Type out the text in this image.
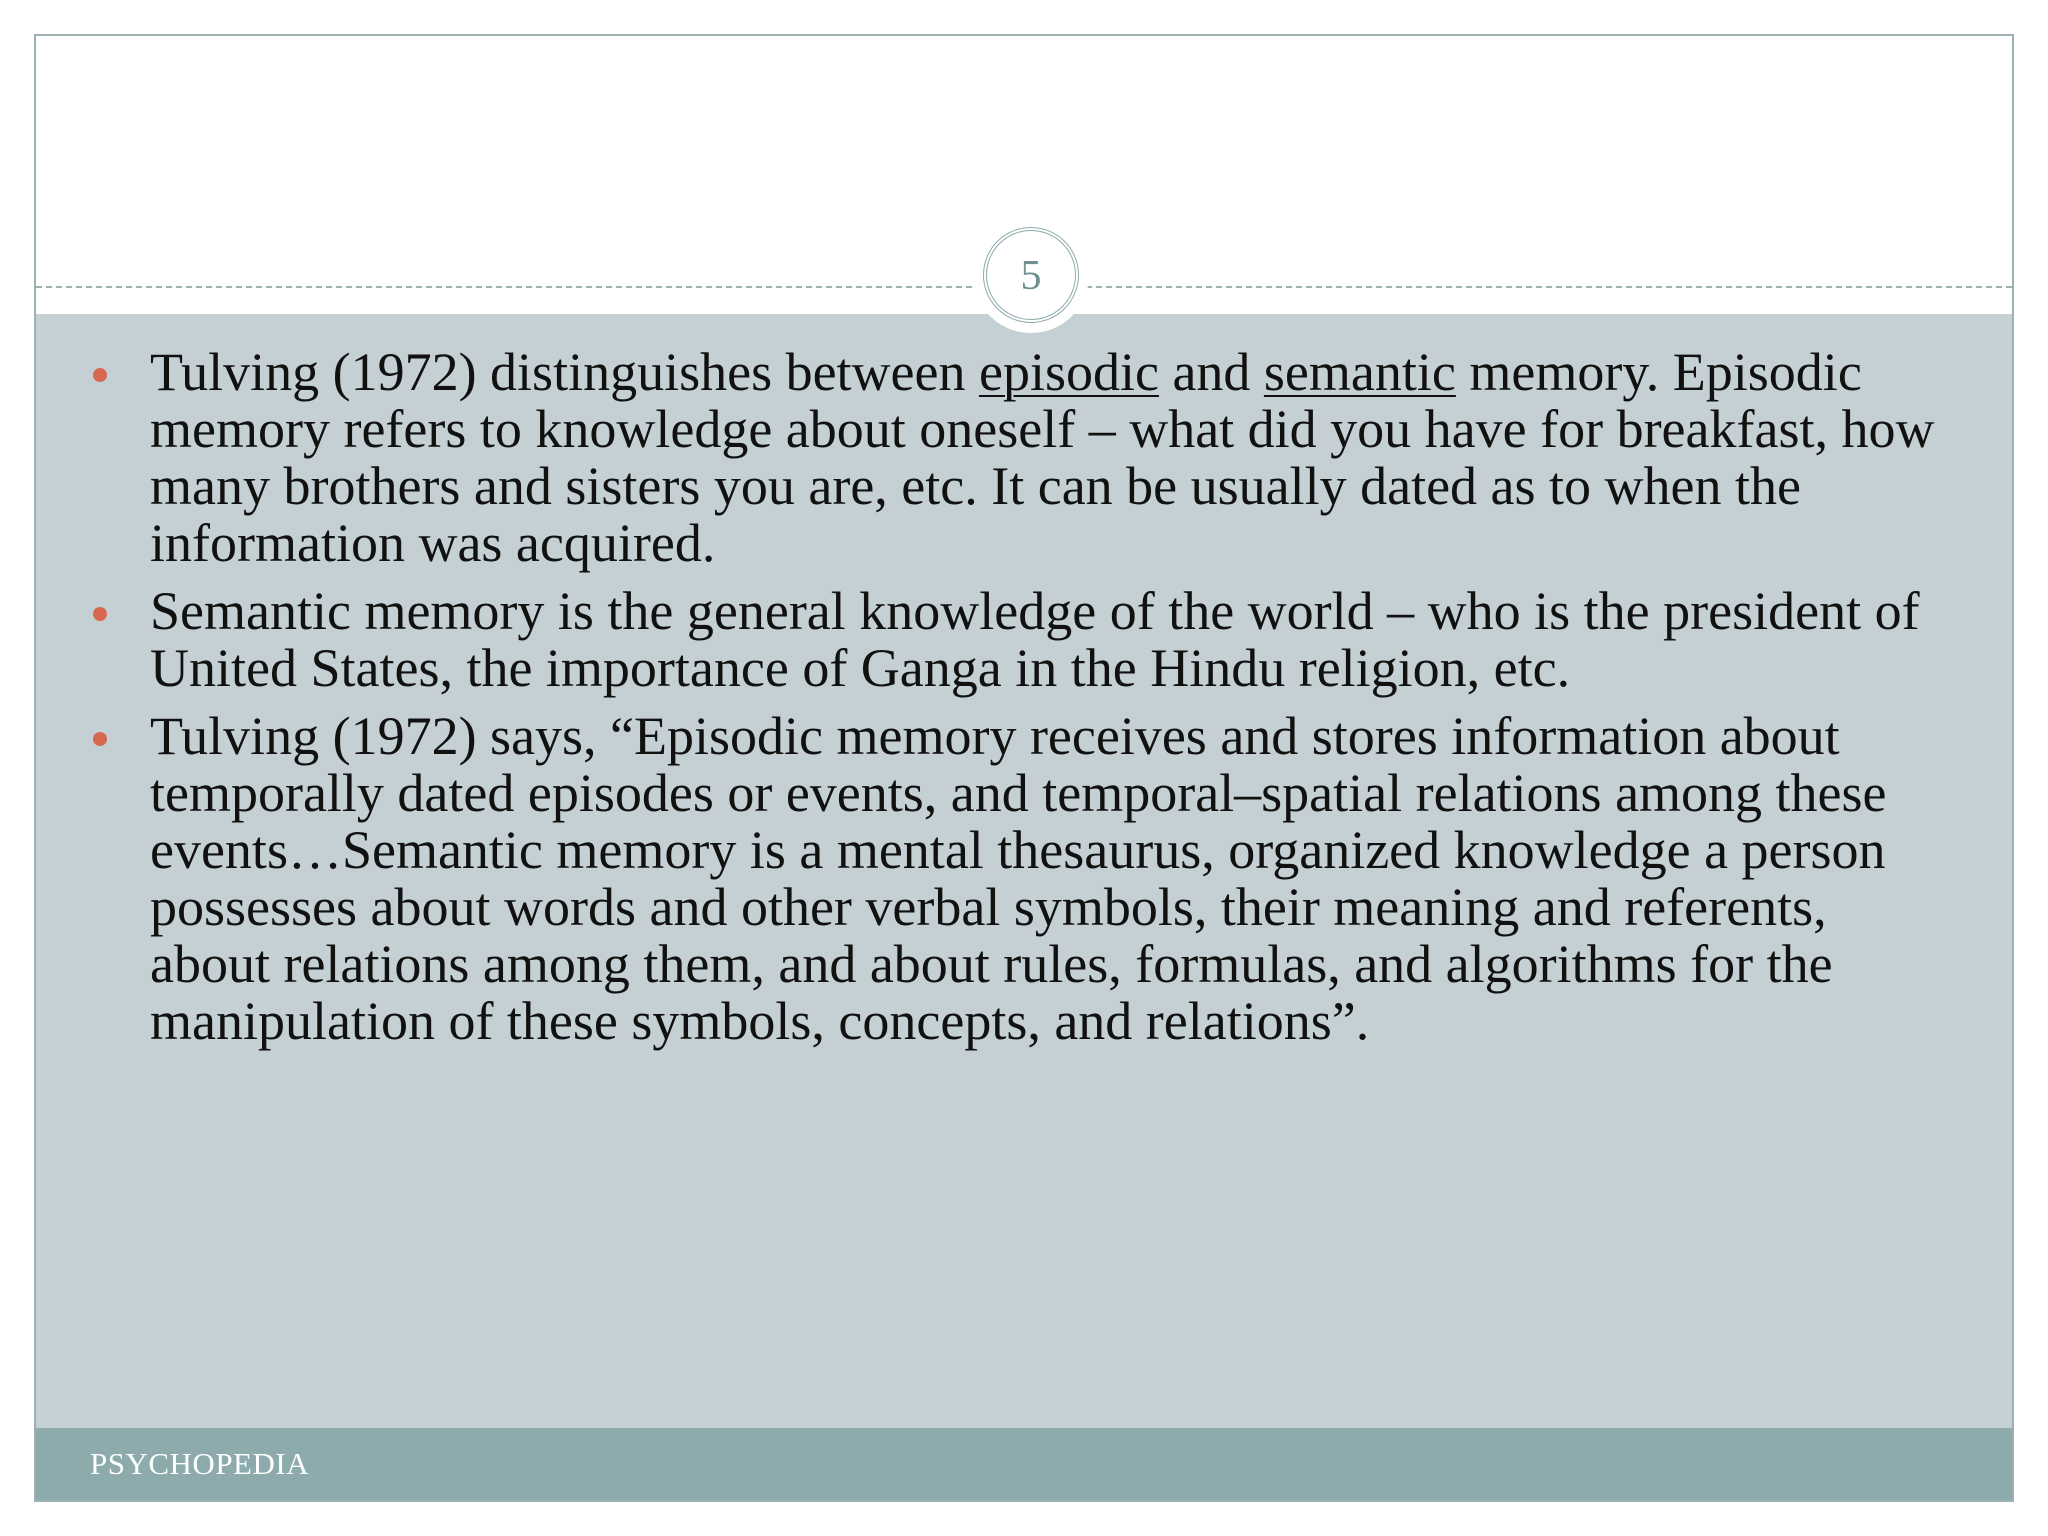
5
Tulving (1972) distinguishes between episodic and semantic memory. Episodic memory refers to knowledge about oneself – what did you have for breakfast, how many brothers and sisters you are, etc. It can be usually dated as to when the information was acquired.
Semantic memory is the general knowledge of the world – who is the president of United States, the importance of Ganga in the Hindu religion, etc.
Tulving (1972) says, “Episodic memory receives and stores information about temporally dated episodes or events, and temporal–spatial relations among these events…Semantic memory is a mental thesaurus, organized knowledge a person possesses about words and other verbal symbols, their meaning and referents, about relations among them, and about rules, formulas, and algorithms for the manipulation of these symbols, concepts, and relations”.
PSYCHOPEDIA
